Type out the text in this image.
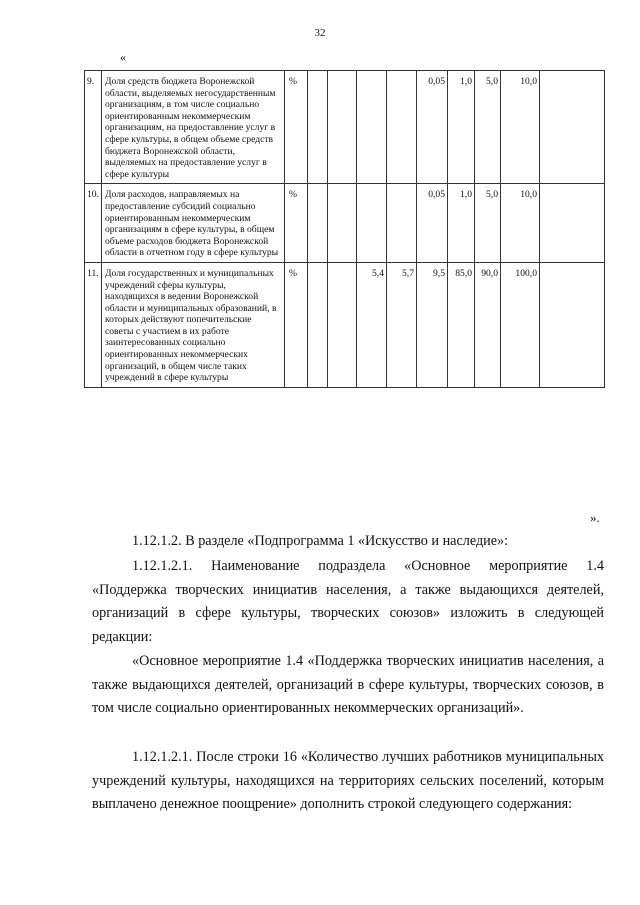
32
«
9.	Доля средств бюджета Воронежской области, выделяемых негосударственным организациям, в том числе социально ориентированным некоммерческим организациям, на предоставление услуг в сфере культуры, в общем объеме средств бюджета Воронежской области, выделяемых на предоставление услуг в сфере культуры	%					0,05	1,0	5,0	10,0	
10.	Доля расходов, направляемых на предоставление субсидий социально ориентированным некоммерческим организациям в сфере культуры, в общем объеме расходов бюджета Воронежской области в отчетном году в сфере культуры	%					0,05	1,0	5,0	10,0	
11.	Доля государственных и муниципальных учреждений сферы культуры, находящихся в ведении Воронежской области и муниципальных образований, в которых действуют попечительские советы с участием в их работе заинтересованных социально ориентированных некоммерческих организаций, в общем числе таких учреждений в сфере культуры	%			5,4	5,7	9,5	85,0	90,0	100,0	
».
1.12.1.2. В разделе «Подпрограмма 1 «Искусство и наследие»:
1.12.1.2.1. Наименование подраздела «Основное мероприятие 1.4 «Поддержка творческих инициатив населения, а также выдающихся деятелей, организаций в сфере культуры, творческих союзов» изложить в следующей редакции:
«Основное мероприятие 1.4 «Поддержка творческих инициатив населения, а также выдающихся деятелей, организаций в сфере культуры, творческих союзов, в том числе социально ориентированных некоммерческих организаций».
1.12.1.2.1. После строки 16 «Количество лучших работников муниципальных учреждений культуры, находящихся на территориях сельских поселений, которым выплачено денежное поощрение» дополнить строкой следующего содержания:
